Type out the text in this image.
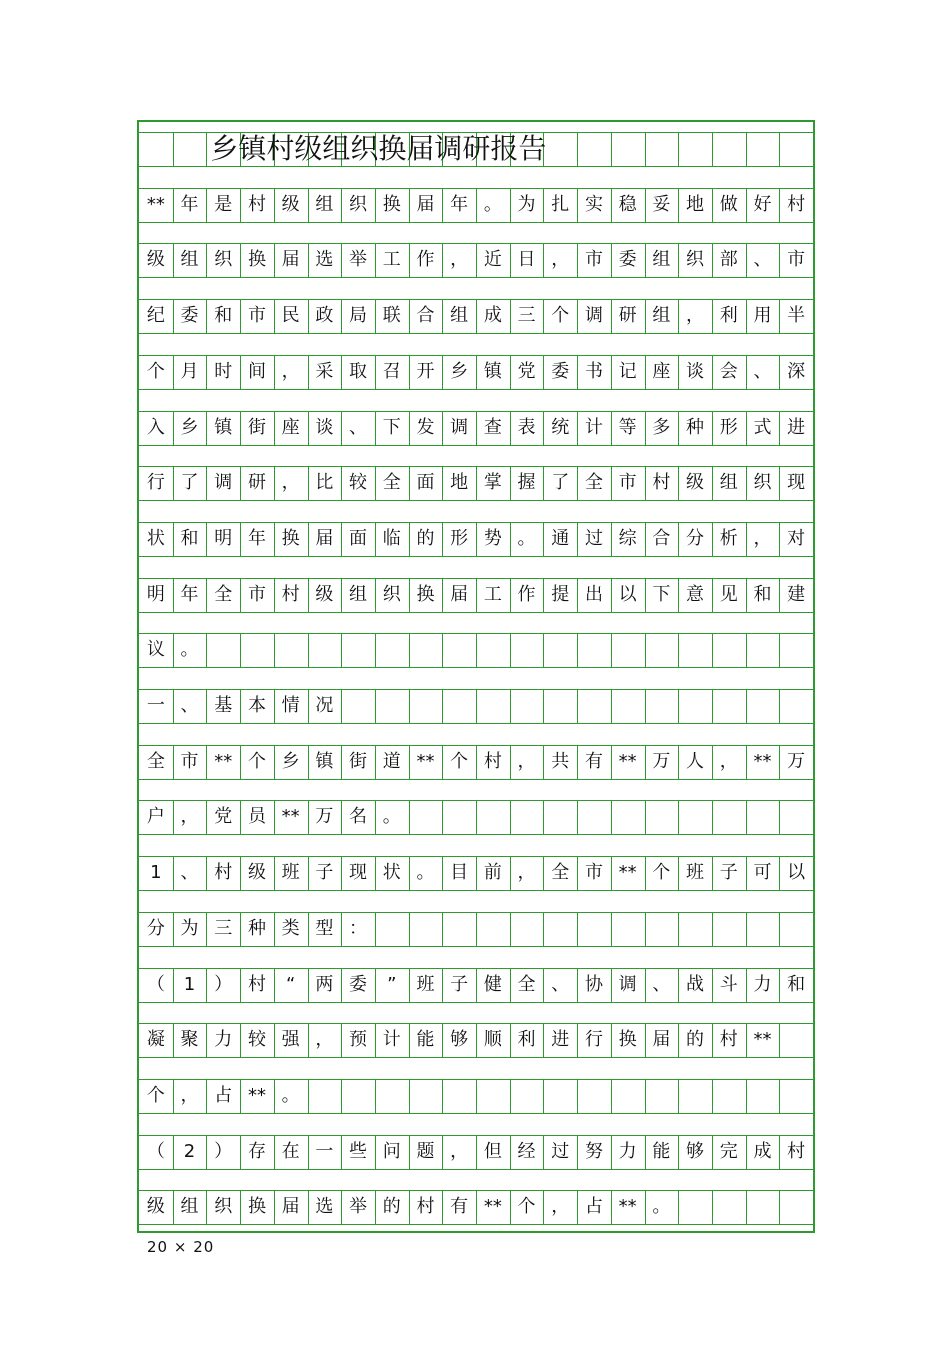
乡镇村级组织换届调研报告
** 年 是 村 级 组 织 换 届 年 。 为 扎 实 稳 妥 地 做 好 村
级 组 织 换 届 选 举 工 作 ， 近 日 ， 市 委 组 织 部 、 市
纪 委 和 市 民 政 局 联 合 组 成 三 个 调 研 组 ， 利 用 半
个 月 时 间 ， 采 取 召 开 乡 镇 党 委 书 记 座 谈 会 、 深
入 乡 镇 街 座 谈 、 下 发 调 查 表 统 计 等 多 种 形 式 进
行 了 调 研 ， 比 较 全 面 地 掌 握 了 全 市 村 级 组 织 现
状 和 明 年 换 届 面 临 的 形 势 。 通 过 综 合 分 析 ， 对
明 年 全 市 村 级 组 织 换 届 工 作 提 出 以 下 意 见 和 建
议 。
一 、 基 本 情 况
全 市 ** 个 乡 镇 街 道 ** 个 村 ， 共 有 ** 万 人 ， ** 万
户 ， 党 员 ** 万 名 。
1	、 村 级 班 子 现 状 。 目 前 ， 全 市 ** 个 班 子 可 以
分 为 三 种 类 型 ：
（	1	） 村	“	两 委	”	班 子 健 全 、 协 调 、 战 斗 力 和
凝 聚 力 较 强 ， 预 计 能 够 顺 利 进 行 换 届 的 村 **
个 ， 占 ** 。
（	2	） 存 在 一 些 问 题 ， 但 经 过 努 力 能 够 完 成 村
级 组 织 换 届 选 举 的 村 有 ** 个 ， 占 ** 。
20 × 20
